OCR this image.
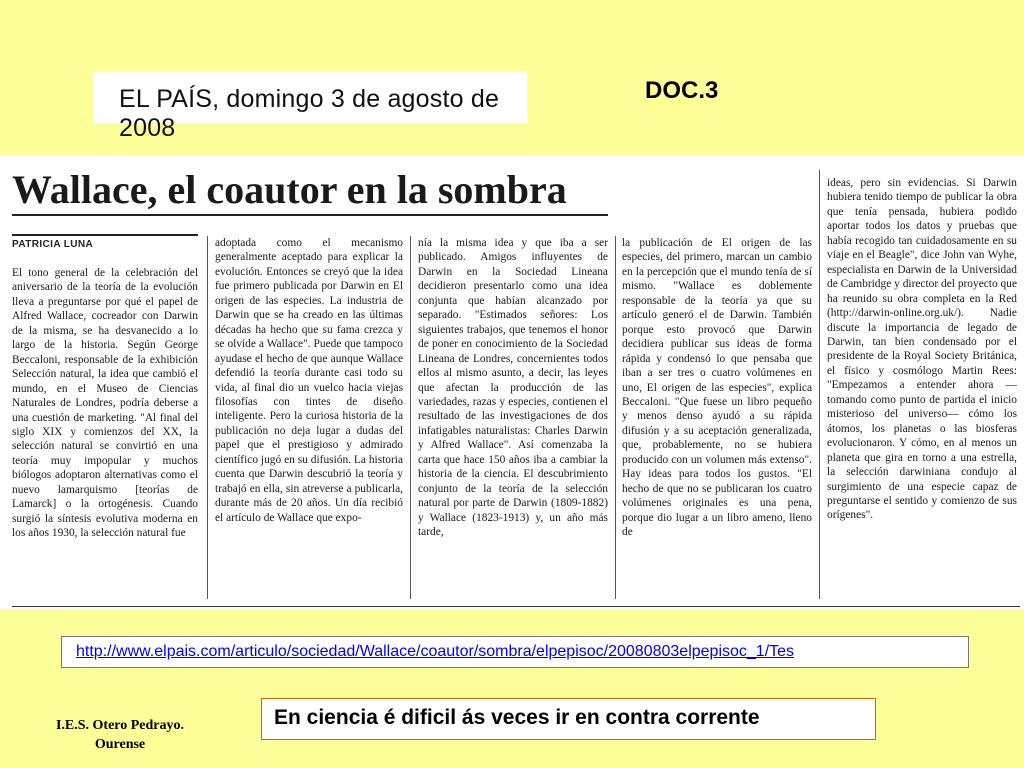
EL PAÍS, domingo 3 de agosto de 2008
DOC.3
Wallace, el coautor en la sombra
PATRICIA LUNA

El tono general de la celebración del aniversario de la teoría de la evolución lleva a preguntarse por qué el papel de Alfred Wallace, cocreador con Darwin de la misma, se ha desvanecido a lo largo de la historia. Según George Beccaloni, responsable de la exhibición Selección natural, la idea que cambió el mundo, en el Museo de Ciencias Naturales de Londres, podría deberse a una cuestión de marketing. "Al final del siglo XIX y comienzos del XX, la selección natural se convirtió en una teoría muy impopular y muchos biólogos adoptaron alternativas como el nuevo lamarquismo [teorías de Lamarck] o la ortogénesis. Cuando surgió la síntesis evolutiva moderna en los años 1930, la selección natural fue

adoptada como el mecanismo generalmente aceptado para explicar la evolución. Entonces se creyó que la idea fue primero publicada por Darwin en El origen de las especies. La industria de Darwin que se ha creado en las últimas décadas ha hecho que su fama crezca y se olvide a Wallace". Puede que tampoco ayudase el hecho de que aunque Wallace defendió la teoría durante casi todo su vida, al final dio un vuelco hacia viejas filosofías con tintes de diseño inteligente. Pero la curiosa historia de la publicación no deja lugar a dudas del papel que el prestigioso y admirado científico jugó en su difusión. La historia cuenta que Darwin descubrió la teoría y trabajó en ella, sin atreverse a publicarla, durante más de 20 años. Un día recibió el artículo de Wallace que expo-

nía la misma idea y que iba a ser publicado. Amigos influyentes de Darwin en la Sociedad Lineana decidieron presentarlo como una idea conjunta que habían alcanzado por separado. "Estimados señores: Los siguientes trabajos, que tenemos el honor de poner en conocimiento de la Sociedad Lineana de Londres, concernientes todos ellos al mismo asunto, a decir, las leyes que afectan la producción de las variedades, razas y especies, contienen el resultado de las investigaciones de dos infatigables naturalistas: Charles Darwin y Alfred Wallace". Así comenzaba la carta que hace 150 años iba a cambiar la historia de la ciencia. El descubrimiento conjunto de la teoría de la selección natural por parte de Darwin (1809-1882) y Wallace (1823-1913) y, un año más tarde,

la publicación de El origen de las especies, del primero, marcan un cambio en la percepción que el mundo tenía de sí mismo. "Wallace es doblemente responsable de la teoría ya que su artículo generó el de Darwin. También porque esto provocó que Darwin decidiera publicar sus ideas de forma rápida y condensó lo que pensaba que iban a ser tres o cuatro volúmenes en uno, El origen de las especies", explica Beccaloni. "Que fuese un libro pequeño y menos denso ayudó a su rápida difusión y a su aceptación generalizada, que, probablemente, no se hubiera producido con un volumen más extenso". Hay ideas para todos los gustos. "El hecho de que no se publicaran los cuatro volúmenes originales es una pena, porque dio lugar a un libro ameno, lleno de

ideas, pero sin evidencias. Si Darwin hubiera tenido tiempo de publicar la obra que tenía pensada, hubiera podido aportar todos los datos y pruebas que había recogido tan cuidadosamente en su viaje en el Beagle", dice John van Wyhe, especialista en Darwin de la Universidad de Cambridge y director del proyecto que ha reunido su obra completa en la Red (http://darwin-online.org.uk/). Nadie discute la importancia de legado de Darwin, tan bien condensado por el presidente de la Royal Society Británica, el físico y cosmólogo Martin Rees: "Empezamos a entender ahora —tomando como punto de partida el inicio misterioso del universo— cómo los átomos, los planetas o las biosferas evolucionaron. Y cómo, en al menos un planeta que gira en torno a una estrella, la selección darwiniana condujo al surgimiento de una especie capaz de preguntarse el sentido y comienzo de sus orígenes".

http://www.elpais.com/articulo/sociedad/Wallace/coautor/sombra/elpepisoc/20080803elpepisoc_1/Tes
En ciencia é dificil ás veces ir en contra corrente
I.E.S. Otero Pedrayo.
Ourense
